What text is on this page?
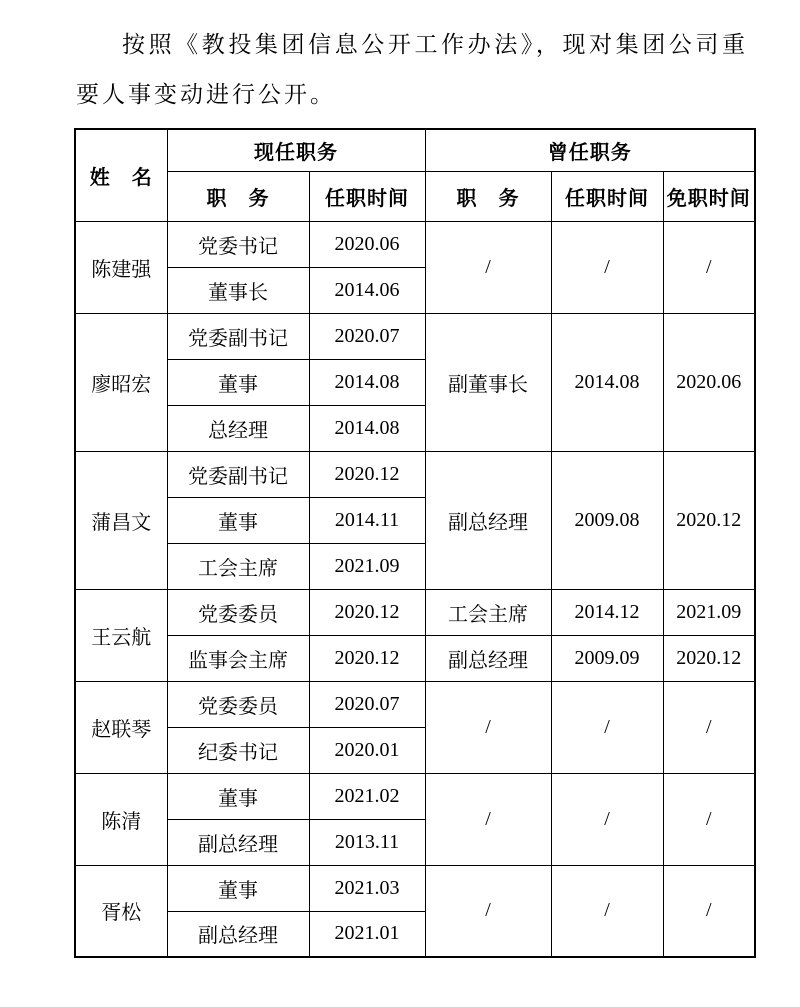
按照《教投集团信息公开工作办法》，现对集团公司重要人事变动进行公开。

姓　名	现任职务		曾任职务		
	职　务	任职时间	职　务	任职时间	免职时间
陈建强	党委书记	2020.06	/	/	/
	董事长	2014.06			
廖昭宏	党委副书记	2020.07	副董事长	2014.08	2020.06
	董事	2014.08			
	总经理	2014.08			
蒲昌文	党委副书记	2020.12	副总经理	2009.08	2020.12
	董事	2014.11			
	工会主席	2021.09			
王云航	党委委员	2020.12	工会主席	2014.12	2021.09
	监事会主席	2020.12	副总经理	2009.09	2020.12
赵联琴	党委委员	2020.07	/	/	/
	纪委书记	2020.01			
陈清	董事	2021.02	/	/	/
	副总经理	2013.11			
胥松	董事	2021.03	/	/	/
	副总经理	2021.01			
